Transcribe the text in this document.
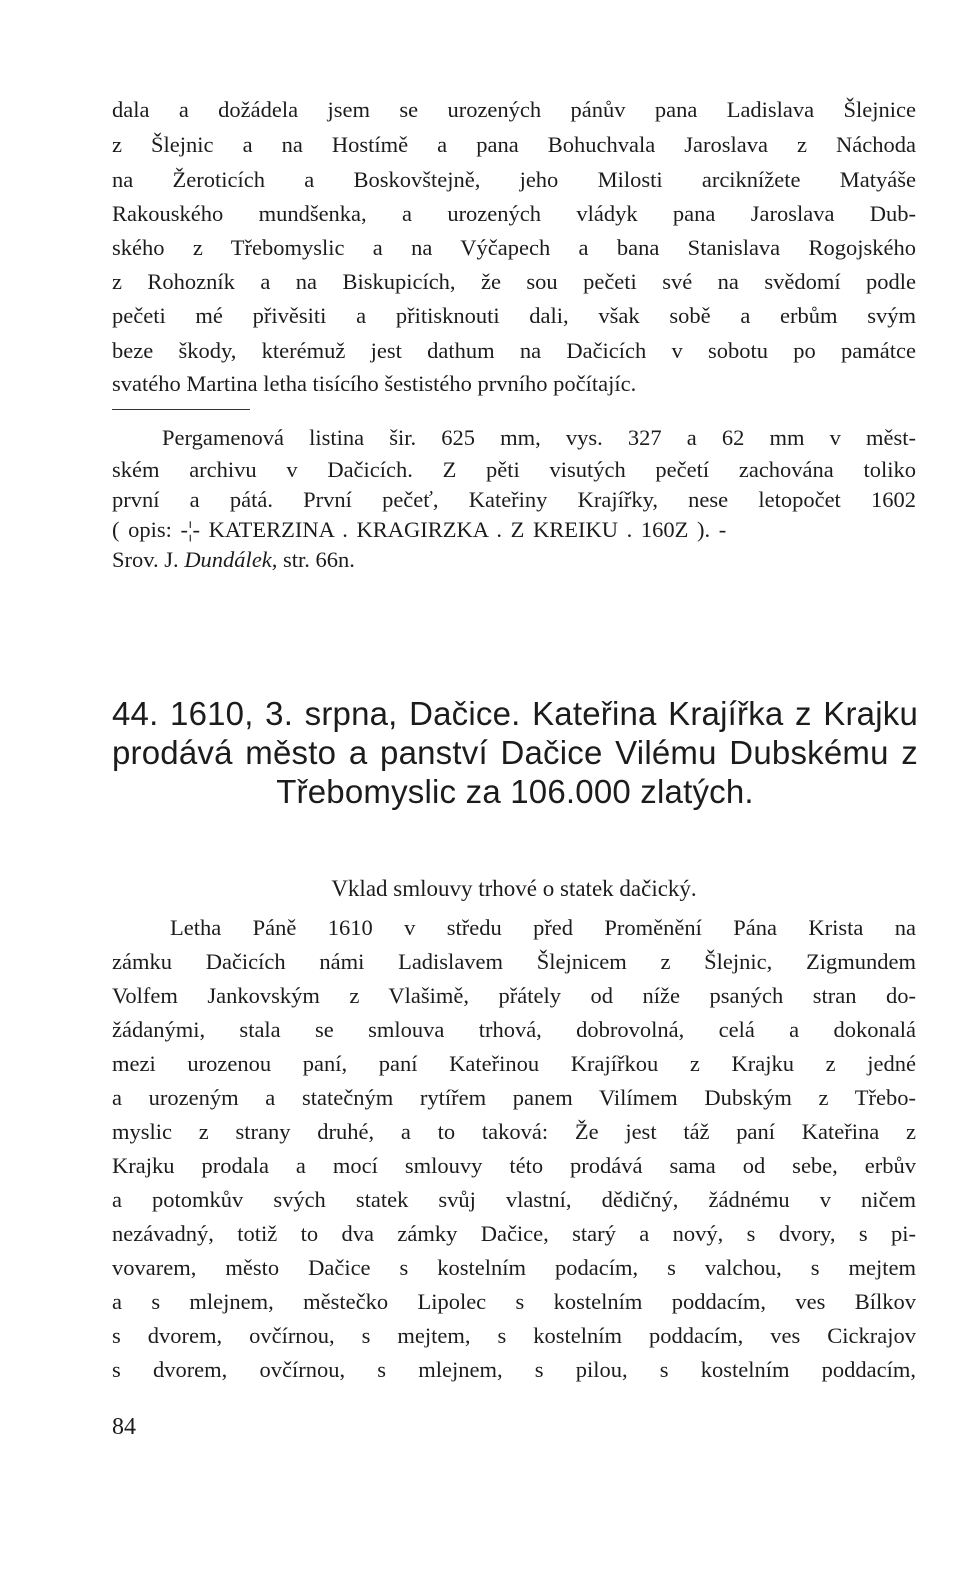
dala a dožádela jsem se urozených pánův pana Ladislava Šlejnice
z Šlejnic a na Hostímě a pana Bohuchvala Jaroslava z Náchoda
na Žeroticích a Boskovštejně, jeho Milosti arciknížete Matyáše
Rakouského mundšenka, a urozených vládyk pana Jaroslava Dub-
ského z Třebomyslic a na Výčapech a bana Stanislava Rogojského
z Rohozník a na Biskupicích, že sou pečeti své na svědomí podle
pečeti mé přivěsiti a přitisknouti dali, však sobě a erbům svým
beze škody, kterémuž jest dathum na Dačicích v sobotu po památce
svatého Martina letha tisícího šestistého prvního počítajíc.
Pergamenová listina šir. 625 mm, vys. 327 a 62 mm v měst-
ském archivu v Dačicích. Z pěti visutých pečetí zachována toliko
první a pátá. První pečeť, Kateřiny Krajířky, nese letopočet 1602
( opis: -¦- KATERZINA . KRAGIRZKA . Z KREIKU . 160Z ). -
Srov. J. Dundálek, str. 66n.
44. 1610, 3. srpna, Dačice. Kateřina Krajířka z Krajku
prodává město a panství Dačice Vilému Dubskému z
Třebomyslic za 106.000 zlatých.
Vklad smlouvy trhové o statek dačický.
Letha Páně 1610 v středu před Proměnění Pána Krista na
zámku Dačicích námi Ladislavem Šlejnicem z Šlejnic, Zigmundem
Volfem Jankovským z Vlašimě, přátely od níže psaných stran do-
žádanými, stala se smlouva trhová, dobrovolná, celá a dokonalá
mezi urozenou paní, paní Kateřinou Krajířkou z Krajku z jedné
a urozeným a statečným rytířem panem Vilímem Dubským z Třebo-
myslic z strany druhé, a to taková: Že jest táž paní Kateřina z
Krajku prodala a mocí smlouvy této prodává sama od sebe, erbův
a potomkův svých statek svůj vlastní, dědičný, žádnému v ničem
nezávadný, totiž to dva zámky Dačice, starý a nový, s dvory, s pi-
vovarem, město Dačice s kostelním podacím, s valchou, s mejtem
a s mlejnem, městečko Lipolec s kostelním poddacím, ves Bílkov
s dvorem, ovčírnou, s mejtem, s kostelním poddacím, ves Cickrajov
s dvorem, ovčírnou, s mlejnem, s pilou, s kostelním poddacím,
84
